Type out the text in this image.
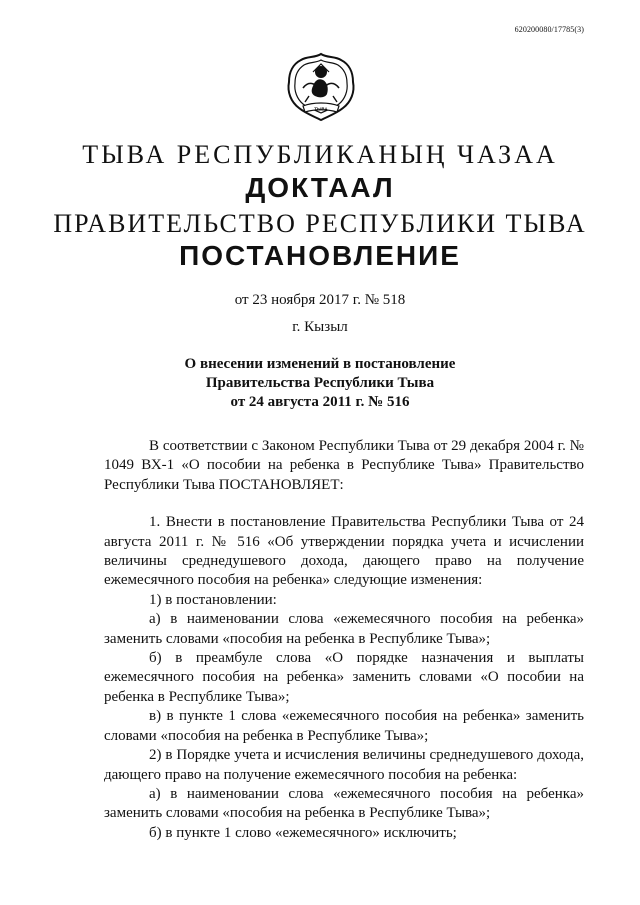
620200080/17785(3)
ТЫВА
ТЫВА РЕСПУБЛИКАНЫҢ ЧАЗАА
ДОКТААЛ
ПРАВИТЕЛЬСТВО РЕСПУБЛИКИ ТЫВА
ПОСТАНОВЛЕНИЕ
от 23 ноября 2017 г. № 518
г. Кызыл
О внесении изменений в постановление
Правительства Республики Тыва
от 24 августа 2011 г. № 516

В соответствии с Законом Республики Тыва от 29 декабря 2004 г. № 1049 ВХ-1 «О пособии на ребенка в Республике Тыва» Правительство Республики Тыва ПОСТАНОВЛЯЕТ:

1. Внести в постановление Правительства Республики Тыва от 24 августа 2011 г. № 516 «Об утверждении порядка учета и исчислении величины среднедушевого дохода, дающего право на получение ежемесячного пособия на ребенка» следующие изменения:

1) в постановлении:

а) в наименовании слова «ежемесячного пособия на ребенка» заменить словами «пособия на ребенка в Республике Тыва»;

б) в преамбуле слова «О порядке назначения и выплаты ежемесячного пособия на ребенка» заменить словами «О пособии на ребенка в Республике Тыва»;

в) в пункте 1 слова «ежемесячного пособия на ребенка» заменить словами «пособия на ребенка в Республике Тыва»;

2) в Порядке учета и исчисления величины среднедушевого дохода, дающего право на получение ежемесячного пособия на ребенка:

а) в наименовании слова «ежемесячного пособия на ребенка» заменить словами «пособия на ребенка в Республике Тыва»;

б) в пункте 1 слово «ежемесячного» исключить;
